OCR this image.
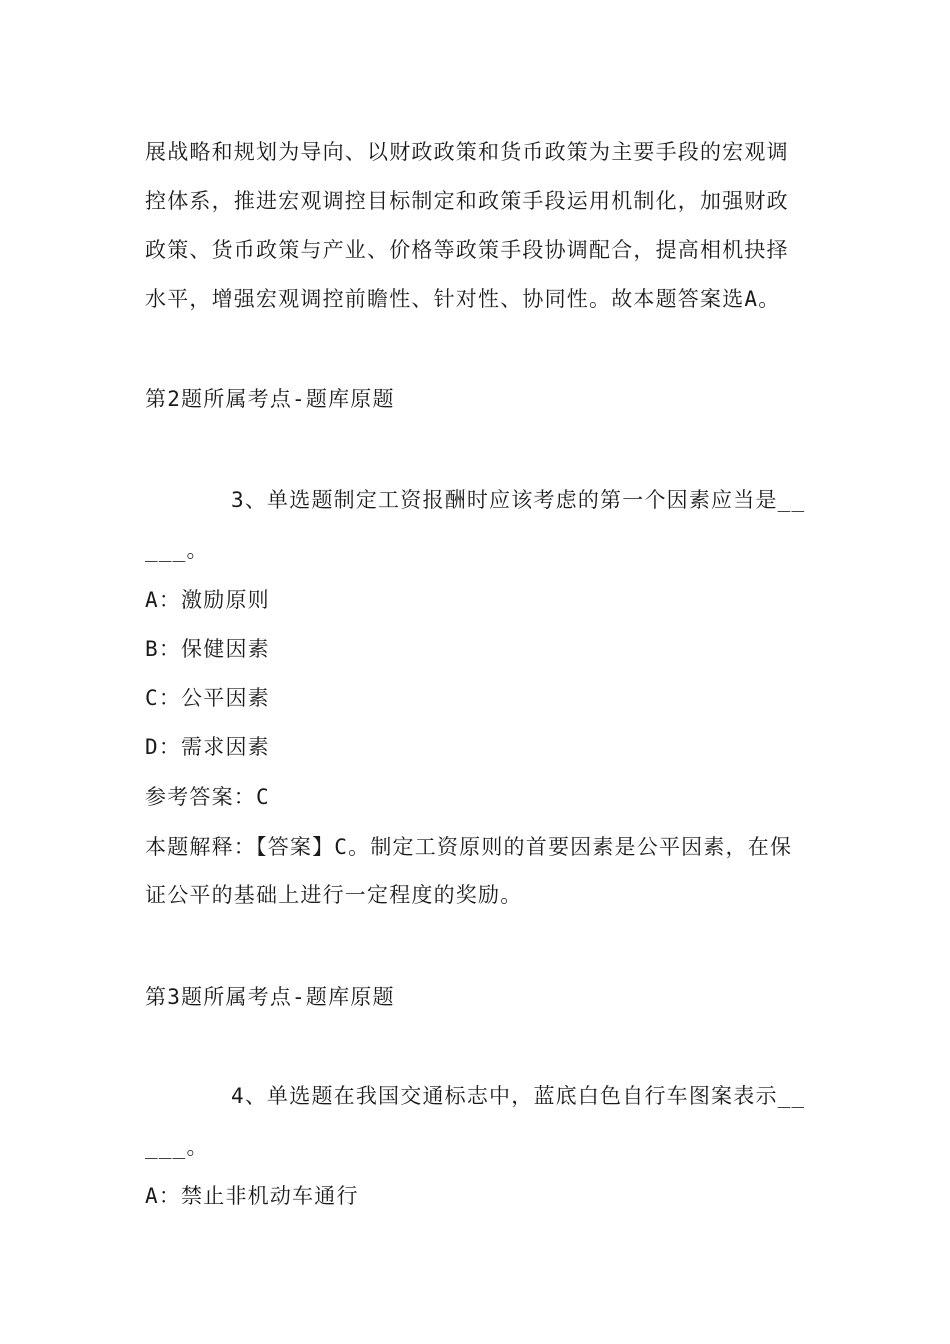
展战略和规划为导向、以财政政策和货币政策为主要手段的宏观调
控体系，推进宏观调控目标制定和政策手段运用机制化，加强财政
政策、货币政策与产业、价格等政策手段协调配合，提高相机抉择
水平，增强宏观调控前瞻性、针对性、协同性。故本题答案选A。
第2题所属考点-题库原题
3、单选题制定工资报酬时应该考虑的第一个因素应当是__
___。
A：激励原则
B：保健因素
C：公平因素
D：需求因素
参考答案：C
本题解释：【答案】C。制定工资原则的首要因素是公平因素，在保
证公平的基础上进行一定程度的奖励。
第3题所属考点-题库原题
4、单选题在我国交通标志中，蓝底白色自行车图案表示__
___。
A：禁止非机动车通行
